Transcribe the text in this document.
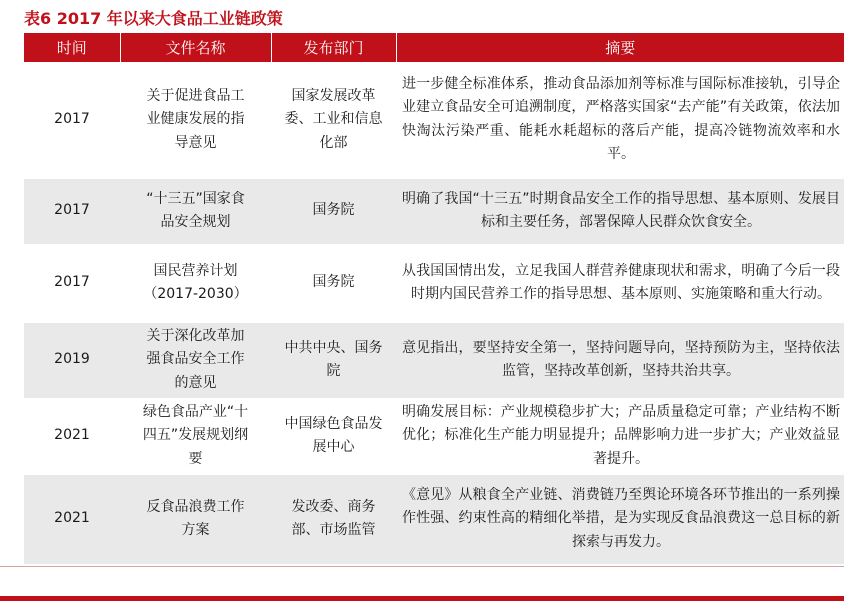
表6 2017 年以来大食品工业链政策
时间	文件名称	发布部门	摘要
2017	关于促进食品工业健康发展的指导意见	国家发展改革委、工业和信息化部	进一步健全标准体系，推动食品添加剂等标准与国际标准接轨，引导企业建立食品安全可追溯制度，严格落实国家“去产能”有关政策，依法加快淘汰污染严重、能耗水耗超标的落后产能，提高冷链物流效率和水平。
2017	“十三五”国家食品安全规划	国务院	明确了我国“十三五”时期食品安全工作的指导思想、基本原则、发展目标和主要任务，部署保障人民群众饮食安全。
2017	国民营养计划（2017-2030）	国务院	从我国国情出发，立足我国人群营养健康现状和需求，明确了今后一段时期内国民营养工作的指导思想、基本原则、实施策略和重大行动。
2019	关于深化改革加强食品安全工作的意见	中共中央、国务院	意见指出，要坚持安全第一，坚持问题导向，坚持预防为主，坚持依法监管，坚持改革创新，坚持共治共享。
2021	绿色食品产业“十四五”发展规划纲要	中国绿色食品发展中心	明确发展目标：产业规模稳步扩大；产品质量稳定可靠；产业结构不断优化；标准化生产能力明显提升；品牌影响力进一步扩大；产业效益显著提升。
2021	反食品浪费工作方案	发改委、商务部、市场监管	《意见》从粮食全产业链、消费链乃至舆论环境各环节推出的一系列操作性强、约束性高的精细化举措，是为实现反食品浪费这一总目标的新探索与再发力。
